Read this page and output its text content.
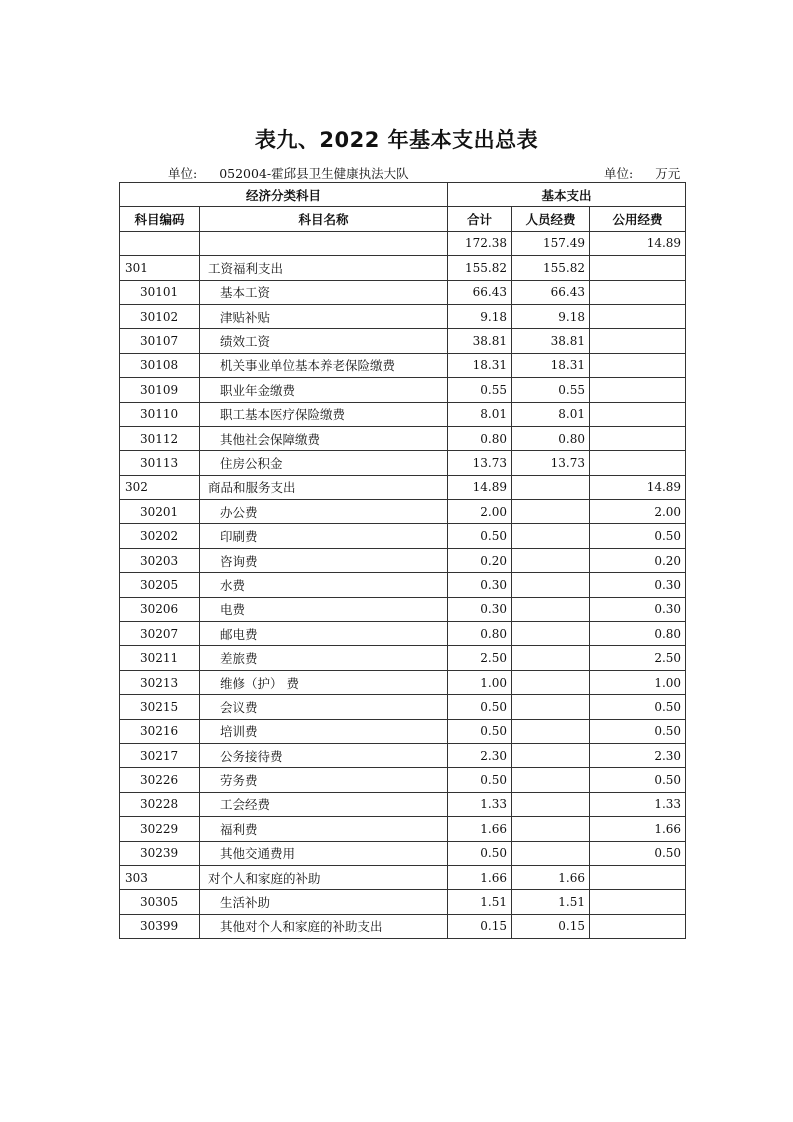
表九、2022 年基本支出总表
单位: 052004-霍邱县卫生健康执法大队	单位: 万元
经济分类科目		基本支出		
科目编码	科目名称	合计	人员经费	公用经费
		172.38	157.49	14.89
301	工资福利支出	155.82	155.82	
30101	基本工资	66.43	66.43	
30102	津贴补贴	9.18	9.18	
30107	绩效工资	38.81	38.81	
30108	机关事业单位基本养老保险缴费	18.31	18.31	
30109	职业年金缴费	0.55	0.55	
30110	职工基本医疗保险缴费	8.01	8.01	
30112	其他社会保障缴费	0.80	0.80	
30113	住房公积金	13.73	13.73	
302	商品和服务支出	14.89		14.89
30201	办公费	2.00		2.00
30202	印刷费	0.50		0.50
30203	咨询费	0.20		0.20
30205	水费	0.30		0.30
30206	电费	0.30		0.30
30207	邮电费	0.80		0.80
30211	差旅费	2.50		2.50
30213	维修（护） 费	1.00		1.00
30215	会议费	0.50		0.50
30216	培训费	0.50		0.50
30217	公务接待费	2.30		2.30
30226	劳务费	0.50		0.50
30228	工会经费	1.33		1.33
30229	福利费	1.66		1.66
30239	其他交通费用	0.50		0.50
303	对个人和家庭的补助	1.66	1.66	
30305	生活补助	1.51	1.51	
30399	其他对个人和家庭的补助支出	0.15	0.15	
